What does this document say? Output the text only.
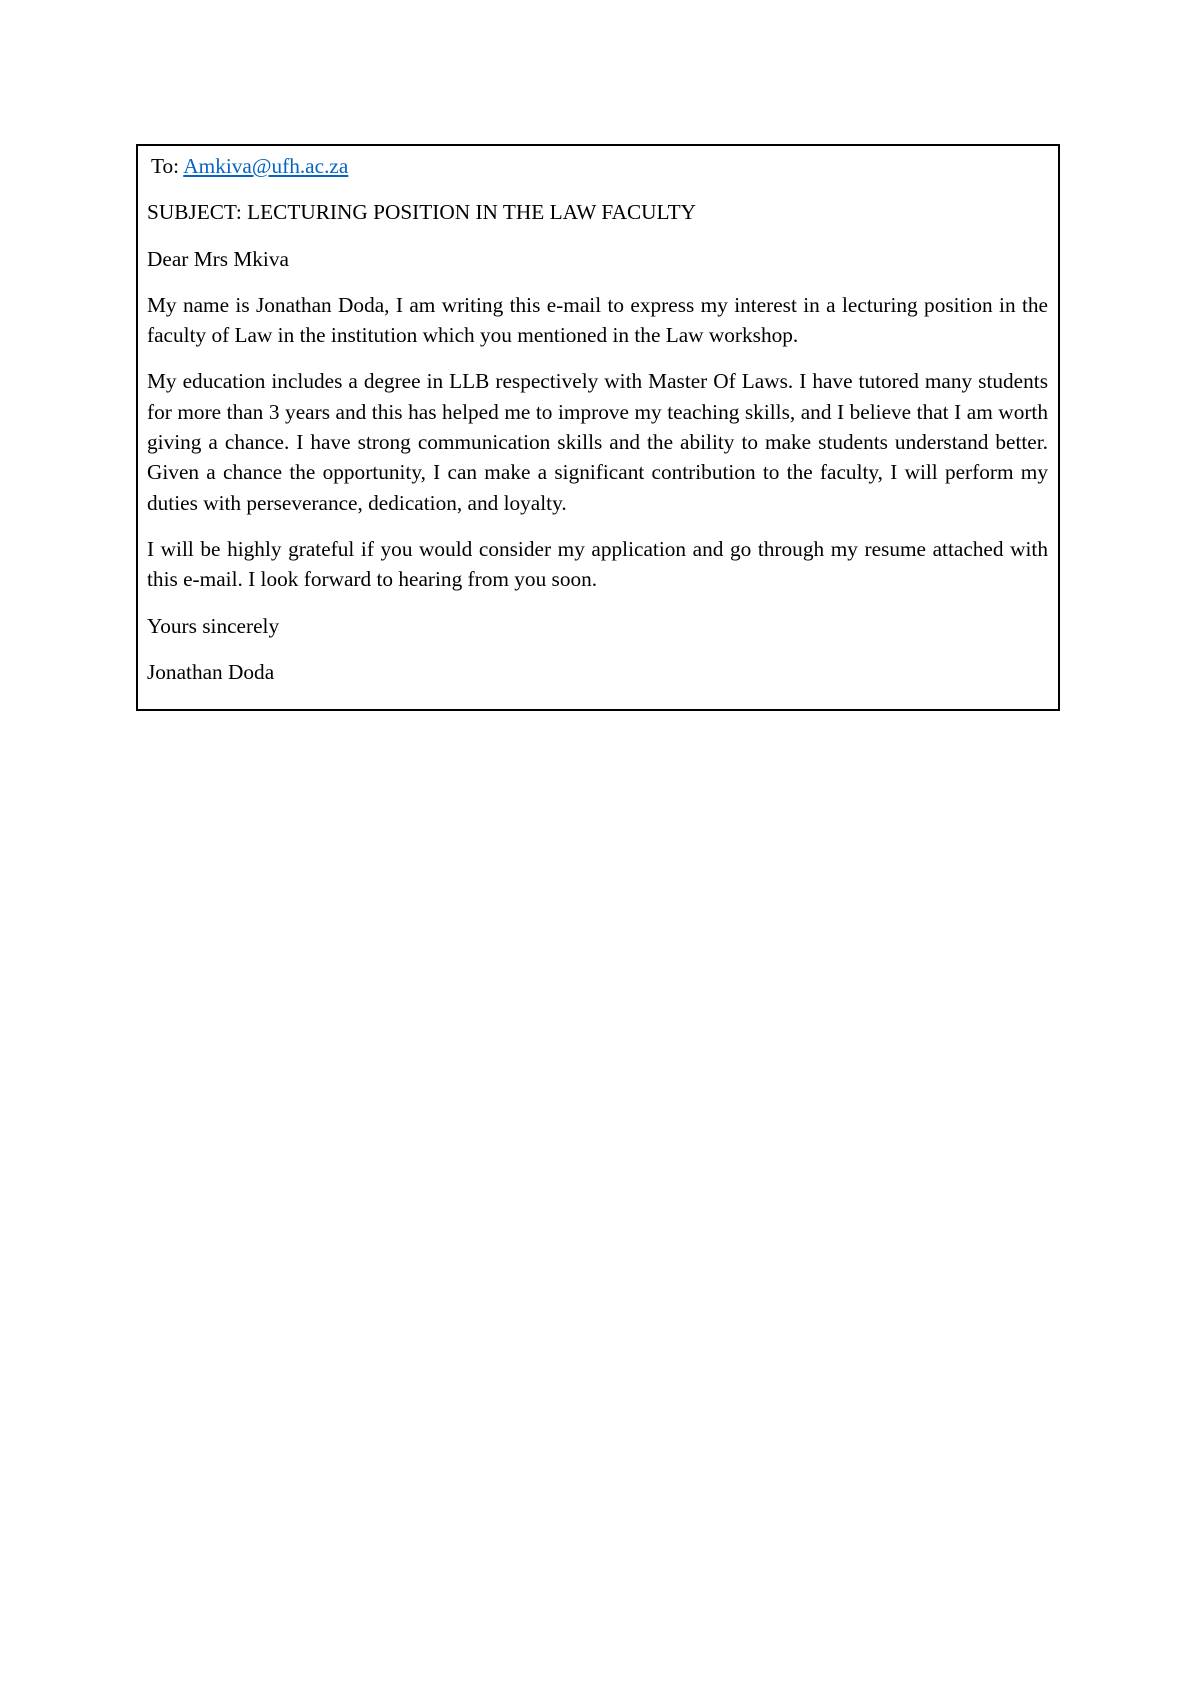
To: Amkiva@ufh.ac.za

SUBJECT: LECTURING POSITION IN THE LAW FACULTY

Dear Mrs Mkiva

My name is Jonathan Doda, I am writing this e-mail to express my interest in a lecturing position in the faculty of Law in the institution which you mentioned in the Law workshop.

My education includes a degree in LLB respectively with Master Of Laws. I have tutored many students for more than 3 years and this has helped me to improve my teaching skills, and I believe that I am worth giving a chance. I have strong communication skills and the ability to make students understand better. Given a chance the opportunity, I can make a significant contribution to the faculty, I will perform my duties with perseverance, dedication, and loyalty.

I will be highly grateful if you would consider my application and go through my resume attached with this e-mail. I look forward to hearing from you soon.

Yours sincerely

Jonathan Doda
